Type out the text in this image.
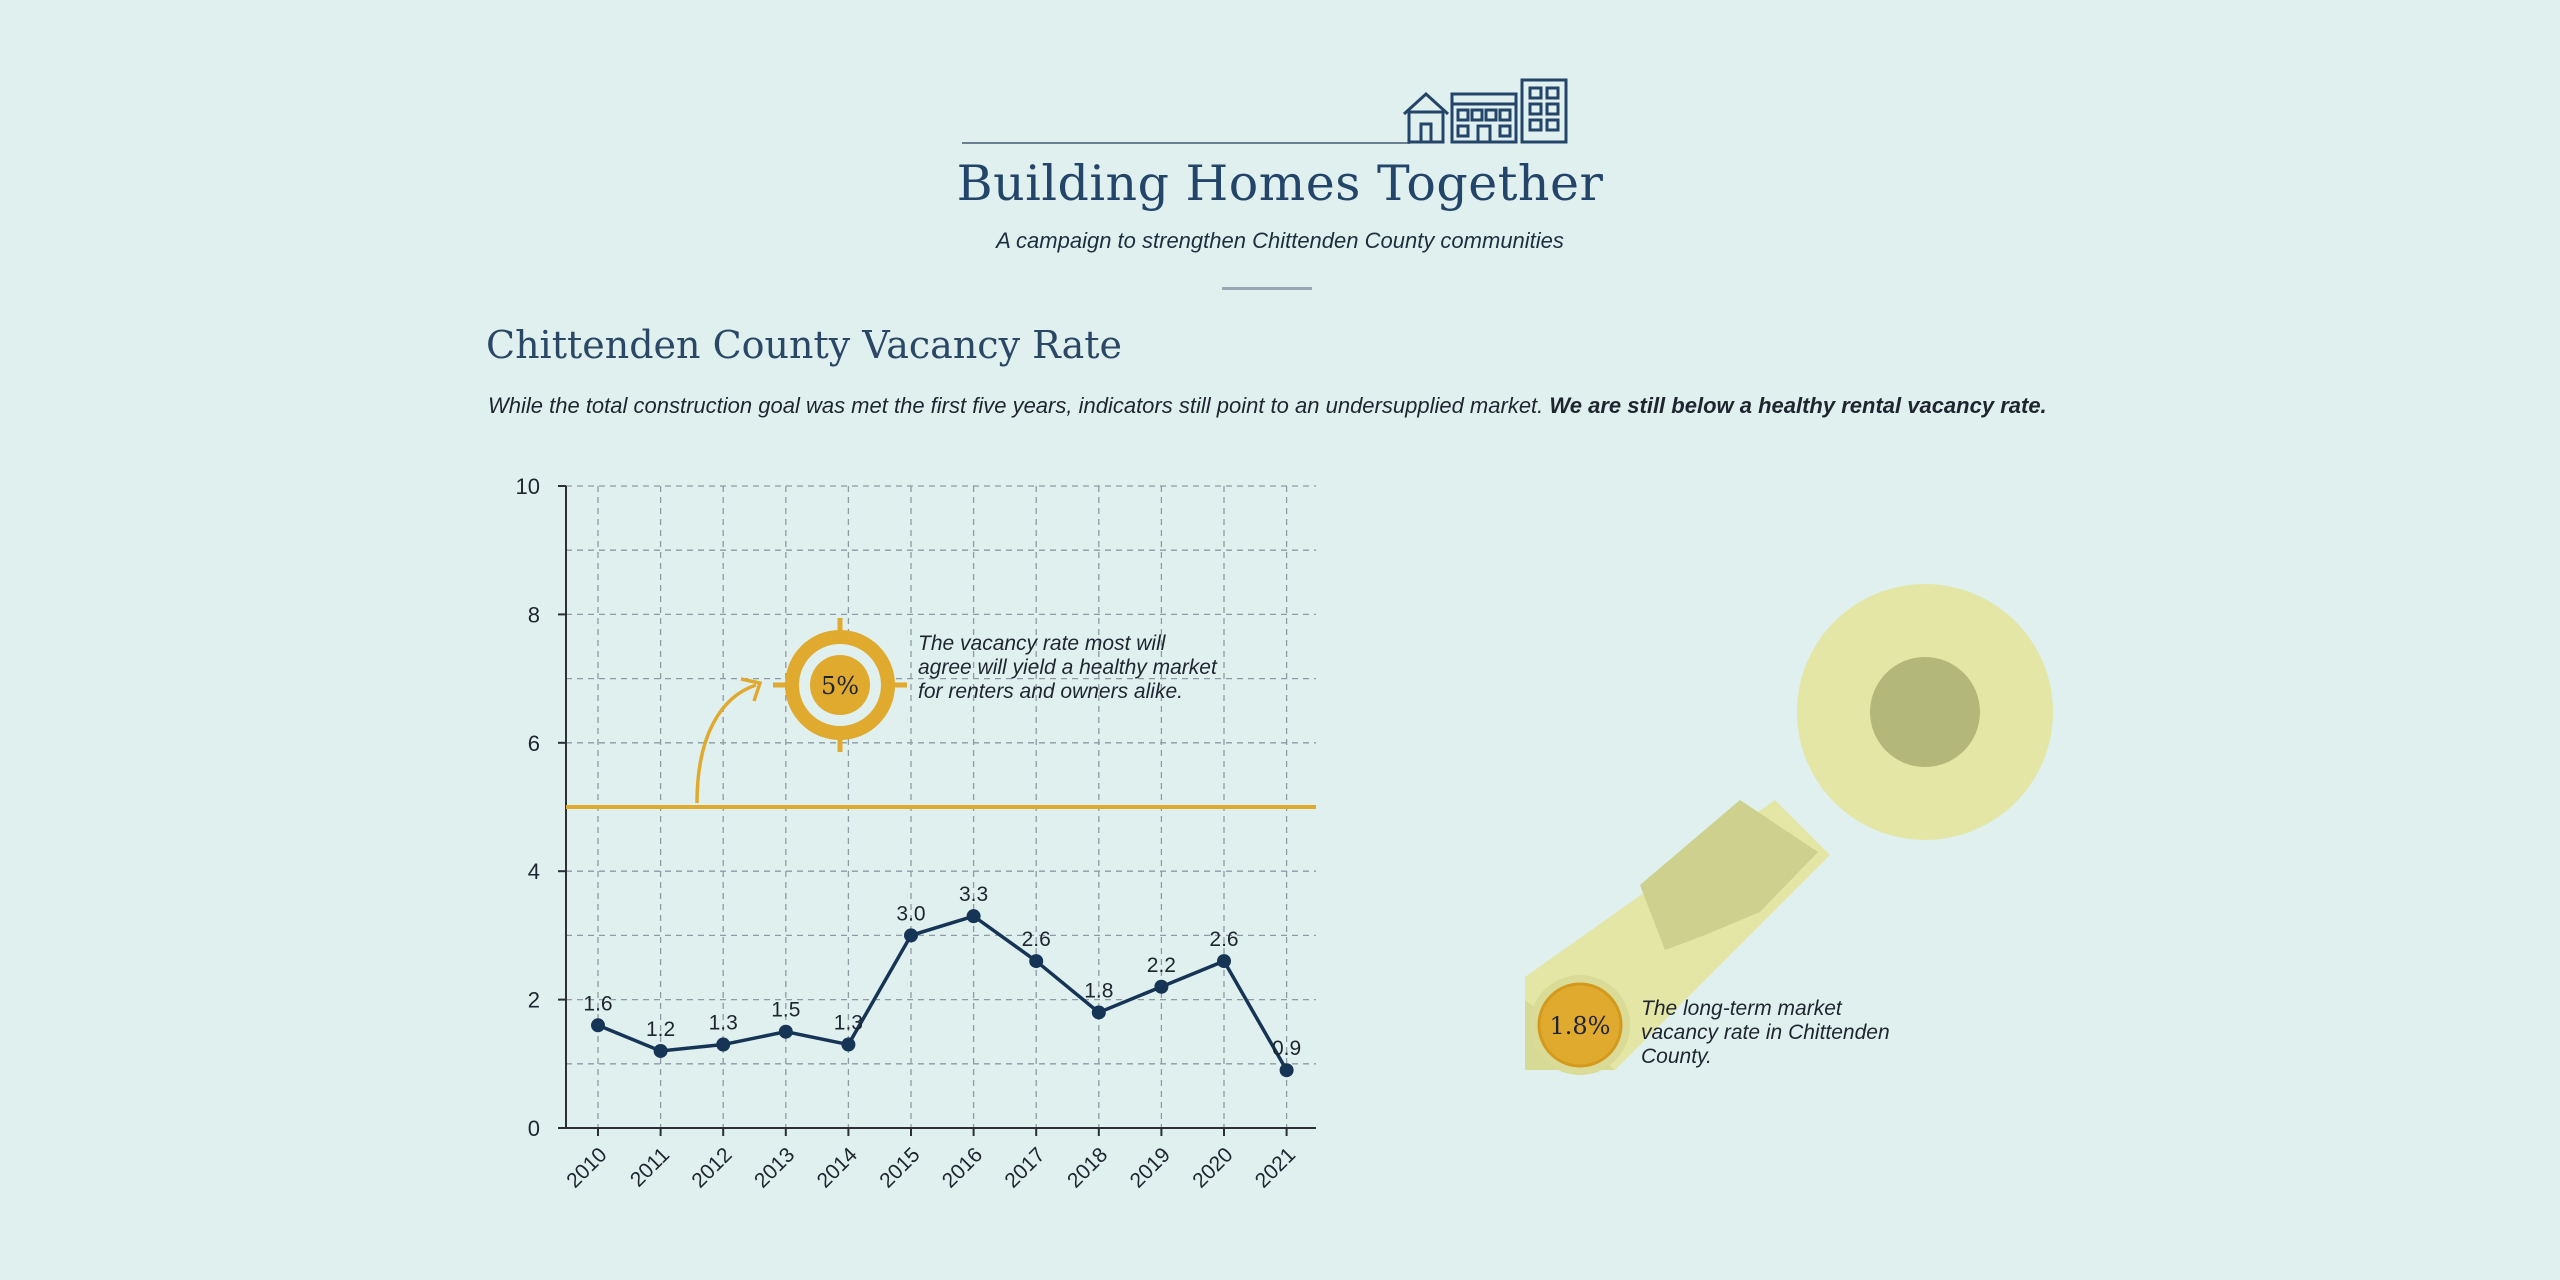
Building Homes Together
A campaign to strengthen Chittenden County communities
Chittenden County Vacancy Rate
While the total construction goal was met the first five years, indicators still point to an undersupplied market. We are still below a healthy rental vacancy rate.
0
2
4
6
8
10
2010 2011 2012 2013 2014 2015 2016 2017 2018 2019 2020 2021
5%
1.6
1.2 1.3
1.5
1.3
3.0
3.3
2.6
1.8
2.2
2.6
0.9
1.8%
The vacancy rate most will agree will yield a healthy market for renters and owners alike.
The long-term market vacancy rate in Chittenden County.
